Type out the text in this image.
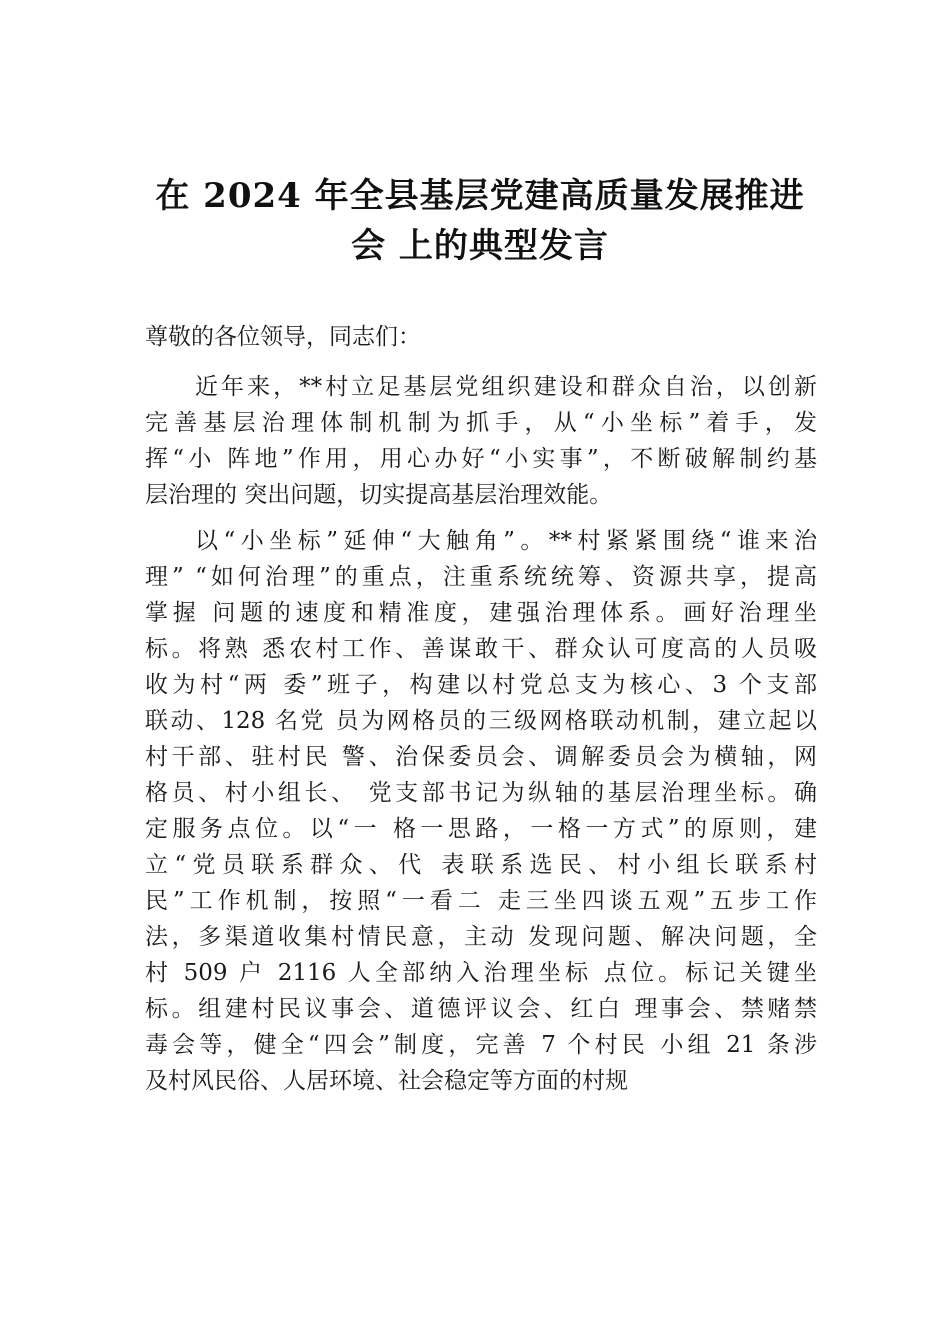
在 2024 年全县基层党建高质量发展推进
会 上的典型发言
尊敬的各位领导，同志们：
近年来，**村立足基层党组织建设和群众自治，以创新
完善基层治理体制机制为抓手，从“小坐标”着手，发
挥“小 阵地”作用，用心办好“小实事”，不断破解制约基
层治理的 突出问题，切实提高基层治理效能。
以“小坐标”延伸“大触角”。**村紧紧围绕“谁来治
理” “如何治理”的重点，注重系统统筹、资源共享，提高
掌握 问题的速度和精准度，建强治理体系。画好治理坐
标。将熟 悉农村工作、善谋敢干、群众认可度高的人员吸
收为村“两 委”班子，构建以村党总支为核心、3 个支部
联动、128 名党 员为网格员的三级网格联动机制，建立起以
村干部、驻村民 警、治保委员会、调解委员会为横轴，网
格员、村小组长、 党支部书记为纵轴的基层治理坐标。确
定服务点位。以“一 格一思路，一格一方式”的原则，建
立“党员联系群众、代 表联系选民、村小组长联系村
民”工作机制，按照“一看二 走三坐四谈五观”五步工作
法，多渠道收集村情民意，主动 发现问题、解决问题，全
村 509 户 2116 人全部纳入治理坐标 点位。标记关键坐
标。组建村民议事会、道德评议会、红白 理事会、禁赌禁
毒会等，健全“四会”制度，完善 7 个村民 小组 21 条涉
及村风民俗、人居环境、社会稳定等方面的村规
